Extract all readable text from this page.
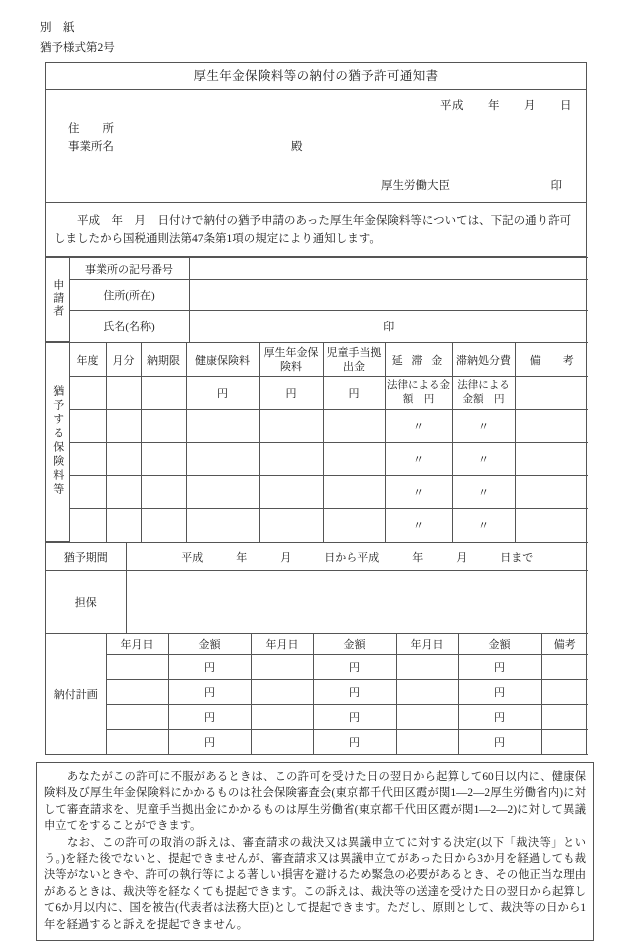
別　紙
猶予様式第2号
厚生年金保険料等の納付の猶予許可通知書
平成　　年　　月　　日
住　　所
事業所名	殿
厚生労働大臣	印

　平成　年　月　日付けで納付の猶予申請のあった厚生年金保険料等については、下記の通り許可しましたから国税通則法第47条第1項の規定により通知します。

申請者	事業所の記号番号	
	住所(所在)	
	氏名(名称)	印
猶予する保険料等	年度	月分	納期限	健康保険料	厚生年金保険料	児童手当拠出金	延 滞 金	滞納処分費	備　　考
				円	円	円	法律による金額　円	法律による金額　円	
							〃	〃	
							〃	〃	
							〃	〃	
							〃	〃	
猶予期間	平成　　　年　　　月　　　日から平成　　　年　　　月　　　日まで
担保	
納付計画	年月日	金額	年月日	金額	年月日	金額	備考
		円		円		円	
		円		円		円	
		円		円		円	
		円		円		円	

　あなたがこの許可に不服があるときは、この許可を受けた日の翌日から起算して60日以内に、健康保険料及び厚生年金保険料にかかるものは社会保険審査会(東京都千代田区霞が関1―2―2厚生労働省内)に対して審査請求を、児童手当拠出金にかかるものは厚生労働省(東京都千代田区霞が関1―2―2)に対して異議申立てをすることができます。

　なお、この許可の取消の訴えは、審査請求の裁決又は異議申立てに対する決定(以下「裁決等」という。)を経た後でないと、提起できませんが、審査請求又は異議申立てがあった日から3か月を経過しても裁決等がないときや、許可の執行等による著しい損害を避けるため緊急の必要があるとき、その他正当な理由があるときは、裁決等を経なくても提起できます。この訴えは、裁決等の送達を受けた日の翌日から起算して6か月以内に、国を被告(代表者は法務大臣)として提起できます。ただし、原則として、裁決等の日から1年を経過すると訴えを提起できません。
